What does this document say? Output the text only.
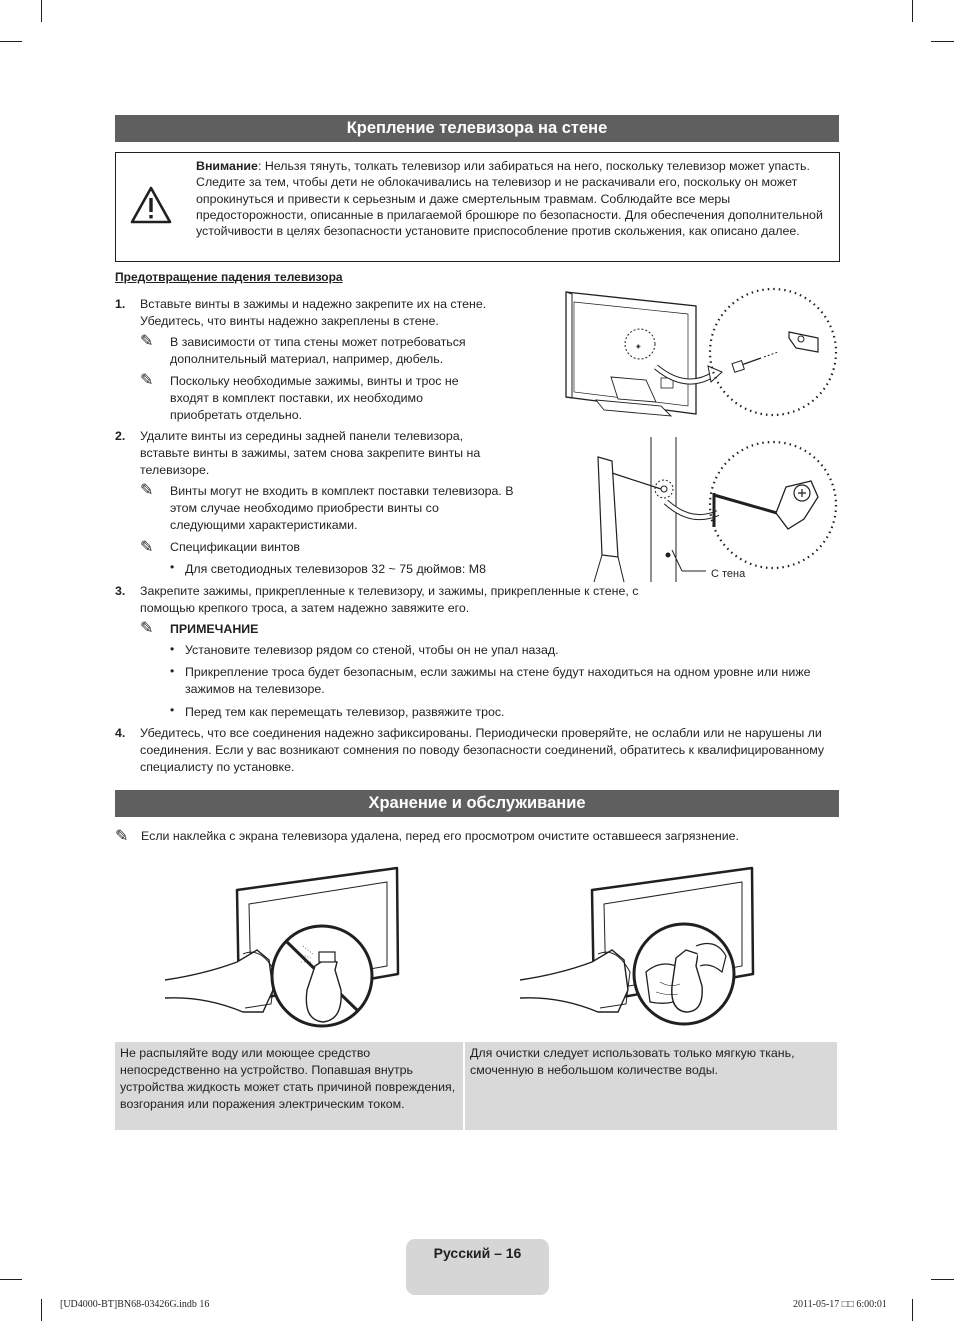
Крепление телевизора на стене
Внимание: Нельзя тянуть, толкать телевизор или забираться на него, поскольку телевизор может упасть. Следите за тем, чтобы дети не облокачивались на телевизор и не раскачивали его, поскольку он может опрокинуться и привести к серьезным и даже смертельным травмам. Соблюдайте все меры предосторожности, описанные в прилагаемой брошюре по безопасности. Для обеспечения дополнительной устойчивости в целях безопасности установите приспособление против скольжения, как описано далее.
Предотвращение падения телевизора
1. Вставьте винты в зажимы и надежно закрепите их на стене. Убедитесь, что винты надежно закреплены в стене.
✎ В зависимости от типа стены может потребоваться дополнительный материал, например, дюбель.
✎ Поскольку необходимые зажимы, винты и трос не входят в комплект поставки, их необходимо приобретать отдельно.
2. Удалите винты из середины задней панели телевизора, вставьте винты в зажимы, затем снова закрепите винты на телевизоре.
✎ Винты могут не входить в комплект поставки телевизора. В этом случае необходимо приобрести винты со следующими характеристиками.
✎ Спецификации винтов
• Для светодиодных телевизоров 32 ~ 75 дюймов: M8
3. Закрепите зажимы, прикрепленные к телевизору, и зажимы, прикрепленные к стене, с помощью крепкого троса, а затем надежно завяжите его.
✎ ПРИМЕЧАНИЕ
• Установите телевизор рядом со стеной, чтобы он не упал назад.
• Прикрепление троса будет безопасным, если зажимы на стене будут находиться на одном уровне или ниже зажимов на телевизоре.
• Перед тем как перемещать телевизор, развяжите трос.
4. Убедитесь, что все соединения надежно зафиксированы. Периодически проверяйте, не ослабли или не нарушены ли соединения. Если у вас возникают сомнения по поводу безопасности соединений, обратитесь к квалифицированному специалисту по установке.
◈
С тена
Хранение и обслуживание
✎ Если наклейка с экрана телевизора удалена, перед его просмотром очистите оставшееся загрязнение.
Не распыляйте воду или моющее средство непосредственно на устройство. Попавшая внутрь устройства жидкость может стать причиной повреждения, возгорания или поражения электрическим током.
Для очистки следует использовать только мягкую ткань, смоченную в небольшом количестве воды.
Русский – 16
[UD4000-BT]BN68-03426G.indb 16	2011-05-17 □□ 6:00:01
